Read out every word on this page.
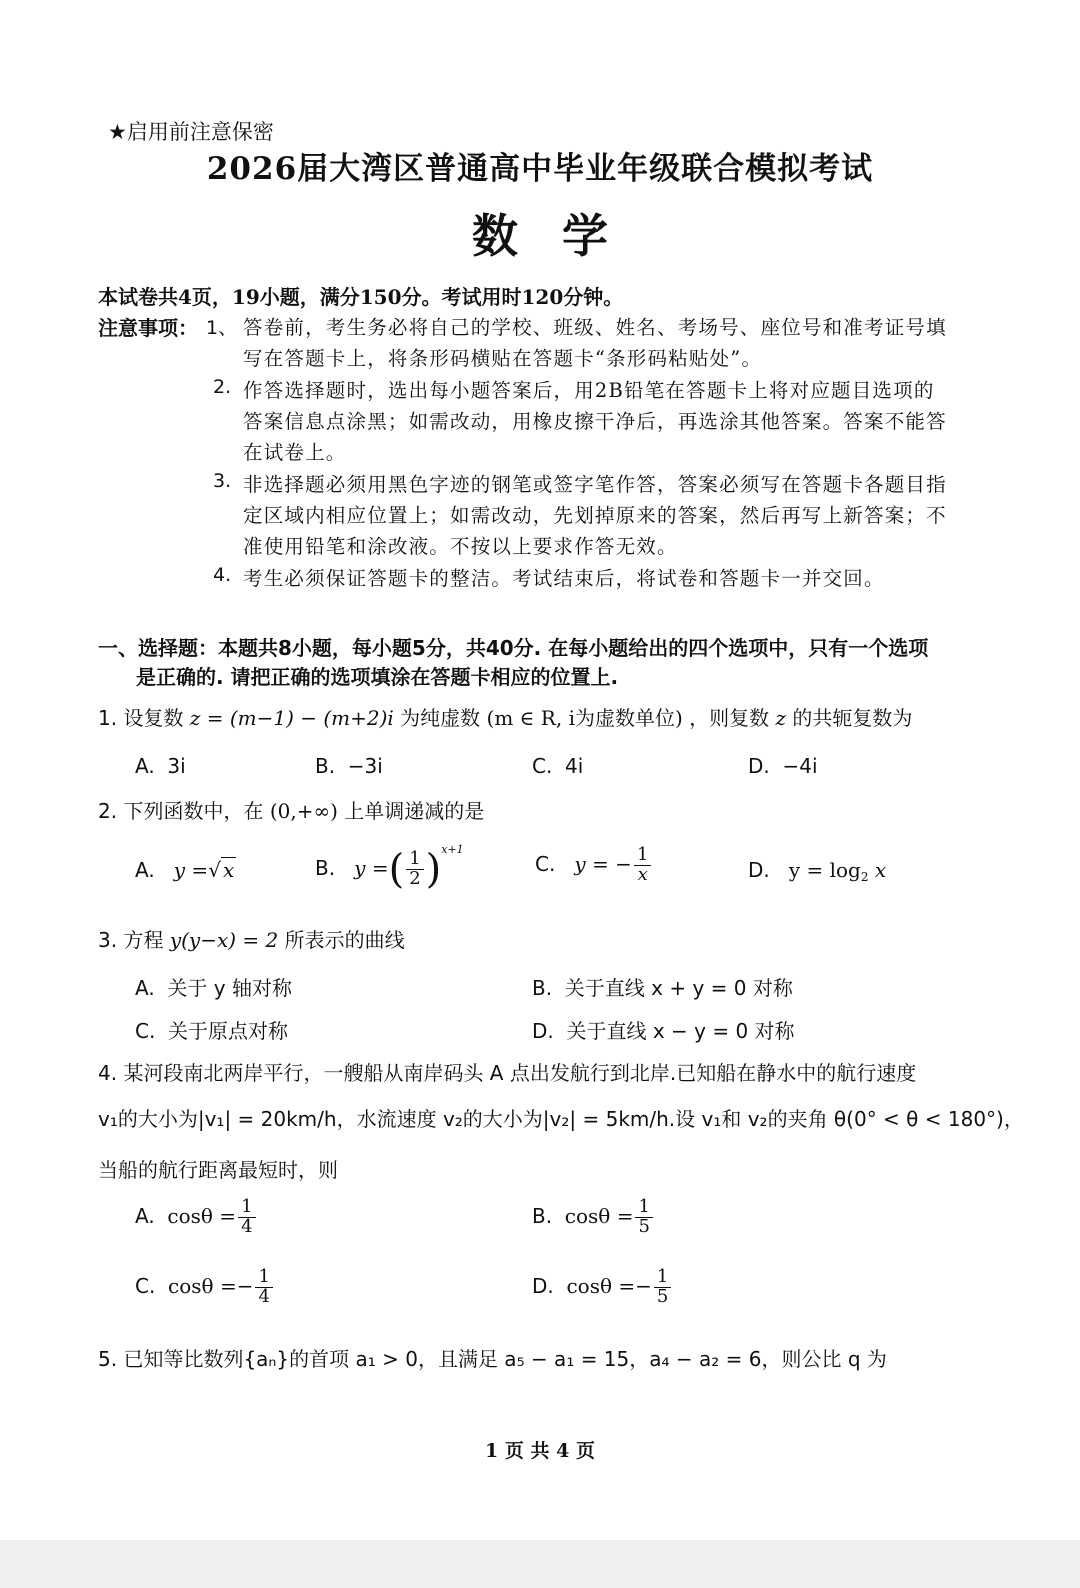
★启用前注意保密
2026届大湾区普通高中毕业年级联合模拟考试
数学
本试卷共4页，19小题，满分150分。考试用时120分钟。
注意事项： 1、 答卷前，考生务必将自己的学校、班级、姓名、考场号、座位号和准考证号填
写在答题卡上，将条形码横贴在答题卡“条形码粘贴处”。
2. 作答选择题时，选出每小题答案后，用2B铅笔在答题卡上将对应题目选项的
答案信息点涂黑；如需改动，用橡皮擦干净后，再选涂其他答案。答案不能答
在试卷上。
3. 非选择题必须用黑色字迹的钢笔或签字笔作答，答案必须写在答题卡各题目指
定区域内相应位置上；如需改动，先划掉原来的答案，然后再写上新答案；不
准使用铅笔和涂改液。不按以上要求作答无效。
4. 考生必须保证答题卡的整洁。考试结束后，将试卷和答题卡一并交回。
一、选择题：本题共8小题，每小题5分，共40分. 在每小题给出的四个选项中，只有一个选项
是正确的. 请把正确的选项填涂在答题卡相应的位置上.
1. 设复数 z = (m−1) − (m+2)i 为纯虚数 (m ∈ R, i为虚数单位) ，则复数 z 的共轭复数为
A. 3i	B. −3i	C. 4i	D. −4i
2. 下列函数中，在 (0,+∞) 上单调递减的是
A. y =√ x	B. y =( $\frac{1}{2} )^{x+1}$
C. y = − $\frac{1}{x}$	D. $y = \log_2 x$
3. 方程 y(y−x) = 2 所表示的曲线
A. 关于 y 轴对称	B. 关于直线 x + y = 0 对称
C. 关于原点对称	D. 关于直线 x − y = 0 对称
4. 某河段南北两岸平行，一艘船从南岸码头 A 点出发航行到北岸.已知船在静水中的航行速度
v₁的大小为|v₁| = 20km/h，水流速度 v₂的大小为|v₂| = 5km/h.设 v₁和 v₂的夹角 θ(0° < θ < 180°)，
当船的航行距离最短时，则
A. $\cos\theta = \frac{1}{4}$	B. $\cos\theta = \frac{1}{5}$
C. $\cos\theta =- \frac{1}{4}$	D. $\cos\theta =- \frac{1}{5}$
5. 已知等比数列{aₙ}的首项 a₁ > 0，且满足 a₅ − a₁ = 15，a₄ − a₂ = 6，则公比 q 为
1 页 共 4 页
